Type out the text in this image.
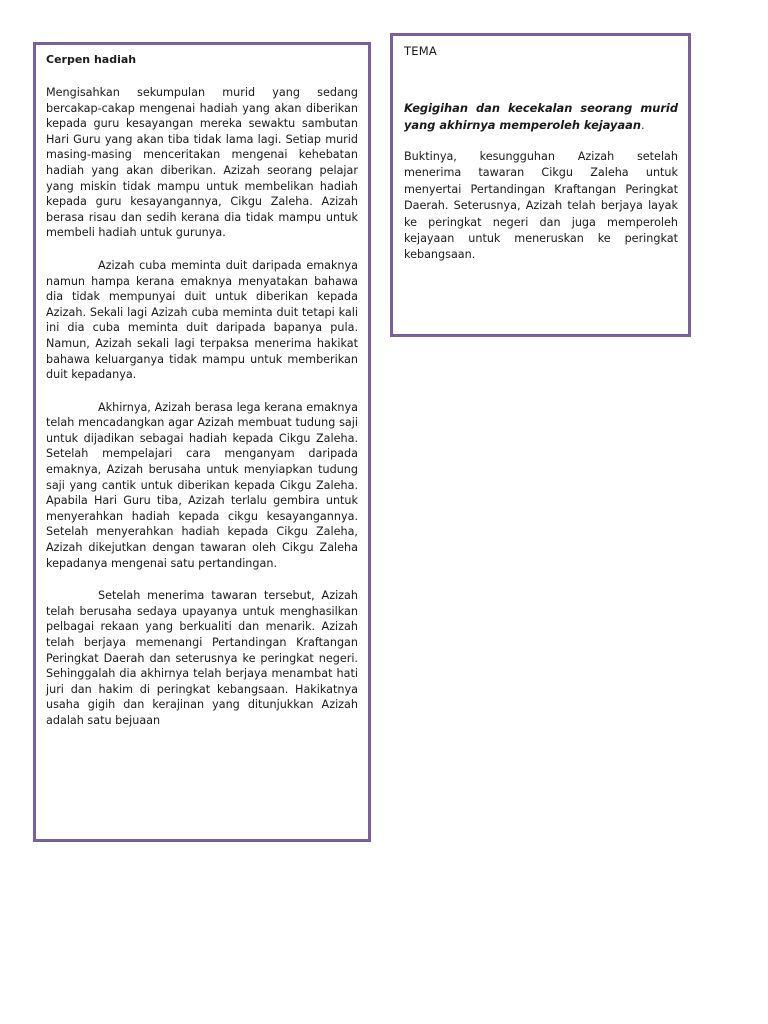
Cerpen hadiah

Mengisahkan sekumpulan murid yang sedang bercakap-cakap mengenai hadiah yang akan diberikan kepada guru kesayangan mereka sewaktu sambutan Hari Guru yang akan tiba tidak lama lagi. Setiap murid masing-masing menceritakan mengenai kehebatan hadiah yang akan diberikan. Azizah seorang pelajar yang miskin tidak mampu untuk membelikan hadiah kepada guru kesayangannya, Cikgu Zaleha. Azizah berasa risau dan sedih kerana dia tidak mampu untuk membeli hadiah untuk gurunya.

Azizah cuba meminta duit daripada emaknya namun hampa kerana emaknya menyatakan bahawa dia tidak mempunyai duit untuk diberikan kepada Azizah. Sekali lagi Azizah cuba meminta duit tetapi kali ini dia cuba meminta duit daripada bapanya pula. Namun, Azizah sekali lagi terpaksa menerima hakikat bahawa keluarganya tidak mampu untuk memberikan duit kepadanya.

Akhirnya, Azizah berasa lega kerana emaknya telah mencadangkan agar Azizah membuat tudung saji untuk dijadikan sebagai hadiah kepada Cikgu Zaleha. Setelah mempelajari cara menganyam daripada emaknya, Azizah berusaha untuk menyiapkan tudung saji yang cantik untuk diberikan kepada Cikgu Zaleha. Apabila Hari Guru tiba, Azizah terlalu gembira untuk menyerahkan hadiah kepada cikgu kesayangannya. Setelah menyerahkan hadiah kepada Cikgu Zaleha, Azizah dikejutkan dengan tawaran oleh Cikgu Zaleha kepadanya mengenai satu pertandingan.

Setelah menerima tawaran tersebut, Azizah telah berusaha sedaya upayanya untuk menghasilkan pelbagai rekaan yang berkualiti dan menarik. Azizah telah berjaya memenangi Pertandingan Kraftangan Peringkat Daerah dan seterusnya ke peringkat negeri. Sehinggalah dia akhirnya telah berjaya menambat hati juri dan hakim di peringkat kebangsaan. Hakikatnya usaha gigih dan kerajinan yang ditunjukkan Azizah adalah satu bejuaan

TEMA

Kegigihan dan kecekalan seorang murid yang akhirnya memperoleh kejayaan.

Buktinya, kesungguhan Azizah setelah menerima tawaran Cikgu Zaleha untuk menyertai Pertandingan Kraftangan Peringkat Daerah. Seterusnya, Azizah telah berjaya layak ke peringkat negeri dan juga memperoleh kejayaan untuk meneruskan ke peringkat kebangsaan.
